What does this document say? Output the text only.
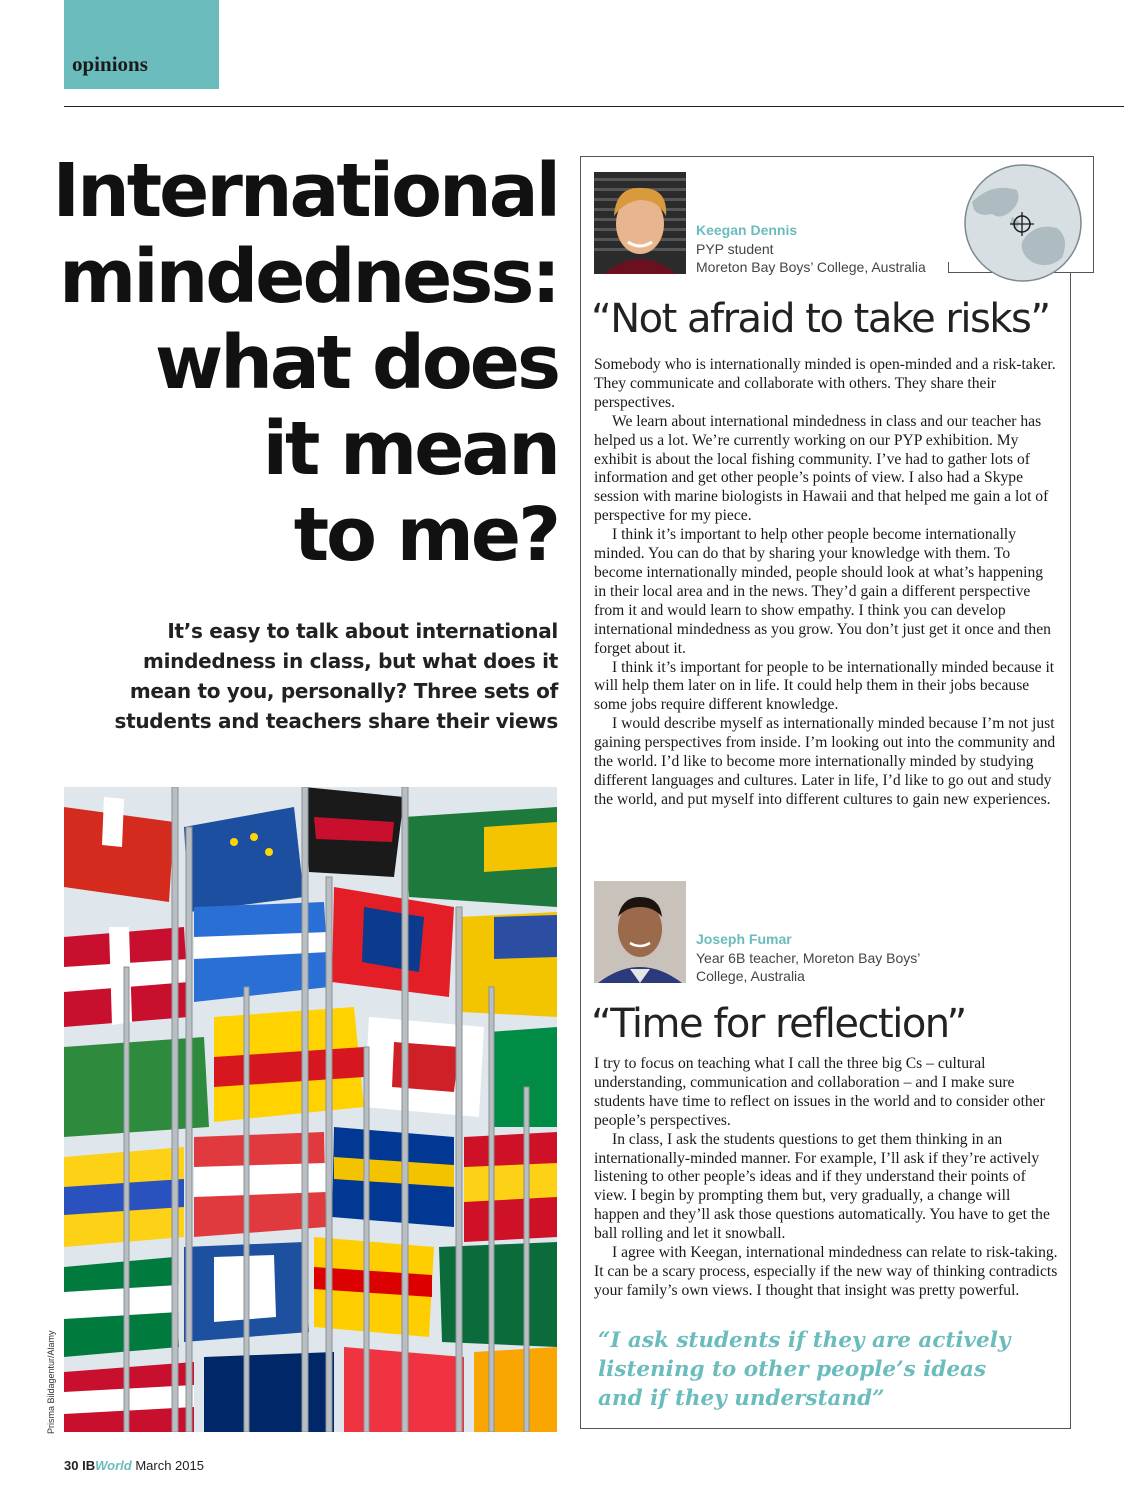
opinions
International
mindedness:
what does
it mean
to me?
It’s easy to talk about international
mindedness in class, but what does it
mean to you, personally? Three sets of
students and teachers share their views
Prisma Bildagentur/Alamy
Keegan Dennis
PYP student
Moreton Bay Boys’ College, Australia
“Not afraid to take risks”

Somebody who is internationally minded is open-minded and a risk-taker. They communicate and collaborate with others. They share their perspectives.

We learn about international mindedness in class and our teacher has helped us a lot. We’re currently working on our PYP exhibition. My exhibit is about the local fishing community. I’ve had to gather lots of information and get other people’s points of view. I also had a Skype session with marine biologists in Hawaii and that helped me gain a lot of perspective for my piece.

I think it’s important to help other people become internationally minded. You can do that by sharing your knowledge with them. To become internationally minded, people should look at what’s happening in their local area and in the news. They’d gain a different perspective from it and would learn to show empathy. I think you can develop international mindedness as you grow. You don’t just get it once and then forget about it.

I think it’s important for people to be internationally minded because it will help them later on in life. It could help them in their jobs because some jobs require different knowledge.

I would describe myself as internationally minded because I’m not just gaining perspectives from inside. I’m looking out into the community and the world. I’d like to become more internationally minded by studying different languages and cultures. Later in life, I’d like to go out and study the world, and put myself into different cultures to gain new experiences.

Joseph Fumar
Year 6B teacher, Moreton Bay Boys’
College, Australia
“Time for reflection”

I try to focus on teaching what I call the three big Cs – cultural understanding, communication and collaboration – and I make sure students have time to reflect on issues in the world and to consider other people’s perspectives.

In class, I ask the students questions to get them thinking in an internationally-minded manner. For example, I’ll ask if they’re actively listening to other people’s ideas and if they understand their points of view. I begin by prompting them but, very gradually, a change will happen and they’ll ask those questions automatically. You have to get the ball rolling and let it snowball.

I agree with Keegan, international mindedness can relate to risk-taking. It can be a scary process, especially if the new way of thinking contradicts your family’s own views. I thought that insight was pretty powerful.

“I ask students if they are actively
listening to other people’s ideas
and if they understand”
30 IBWorld March 2015
